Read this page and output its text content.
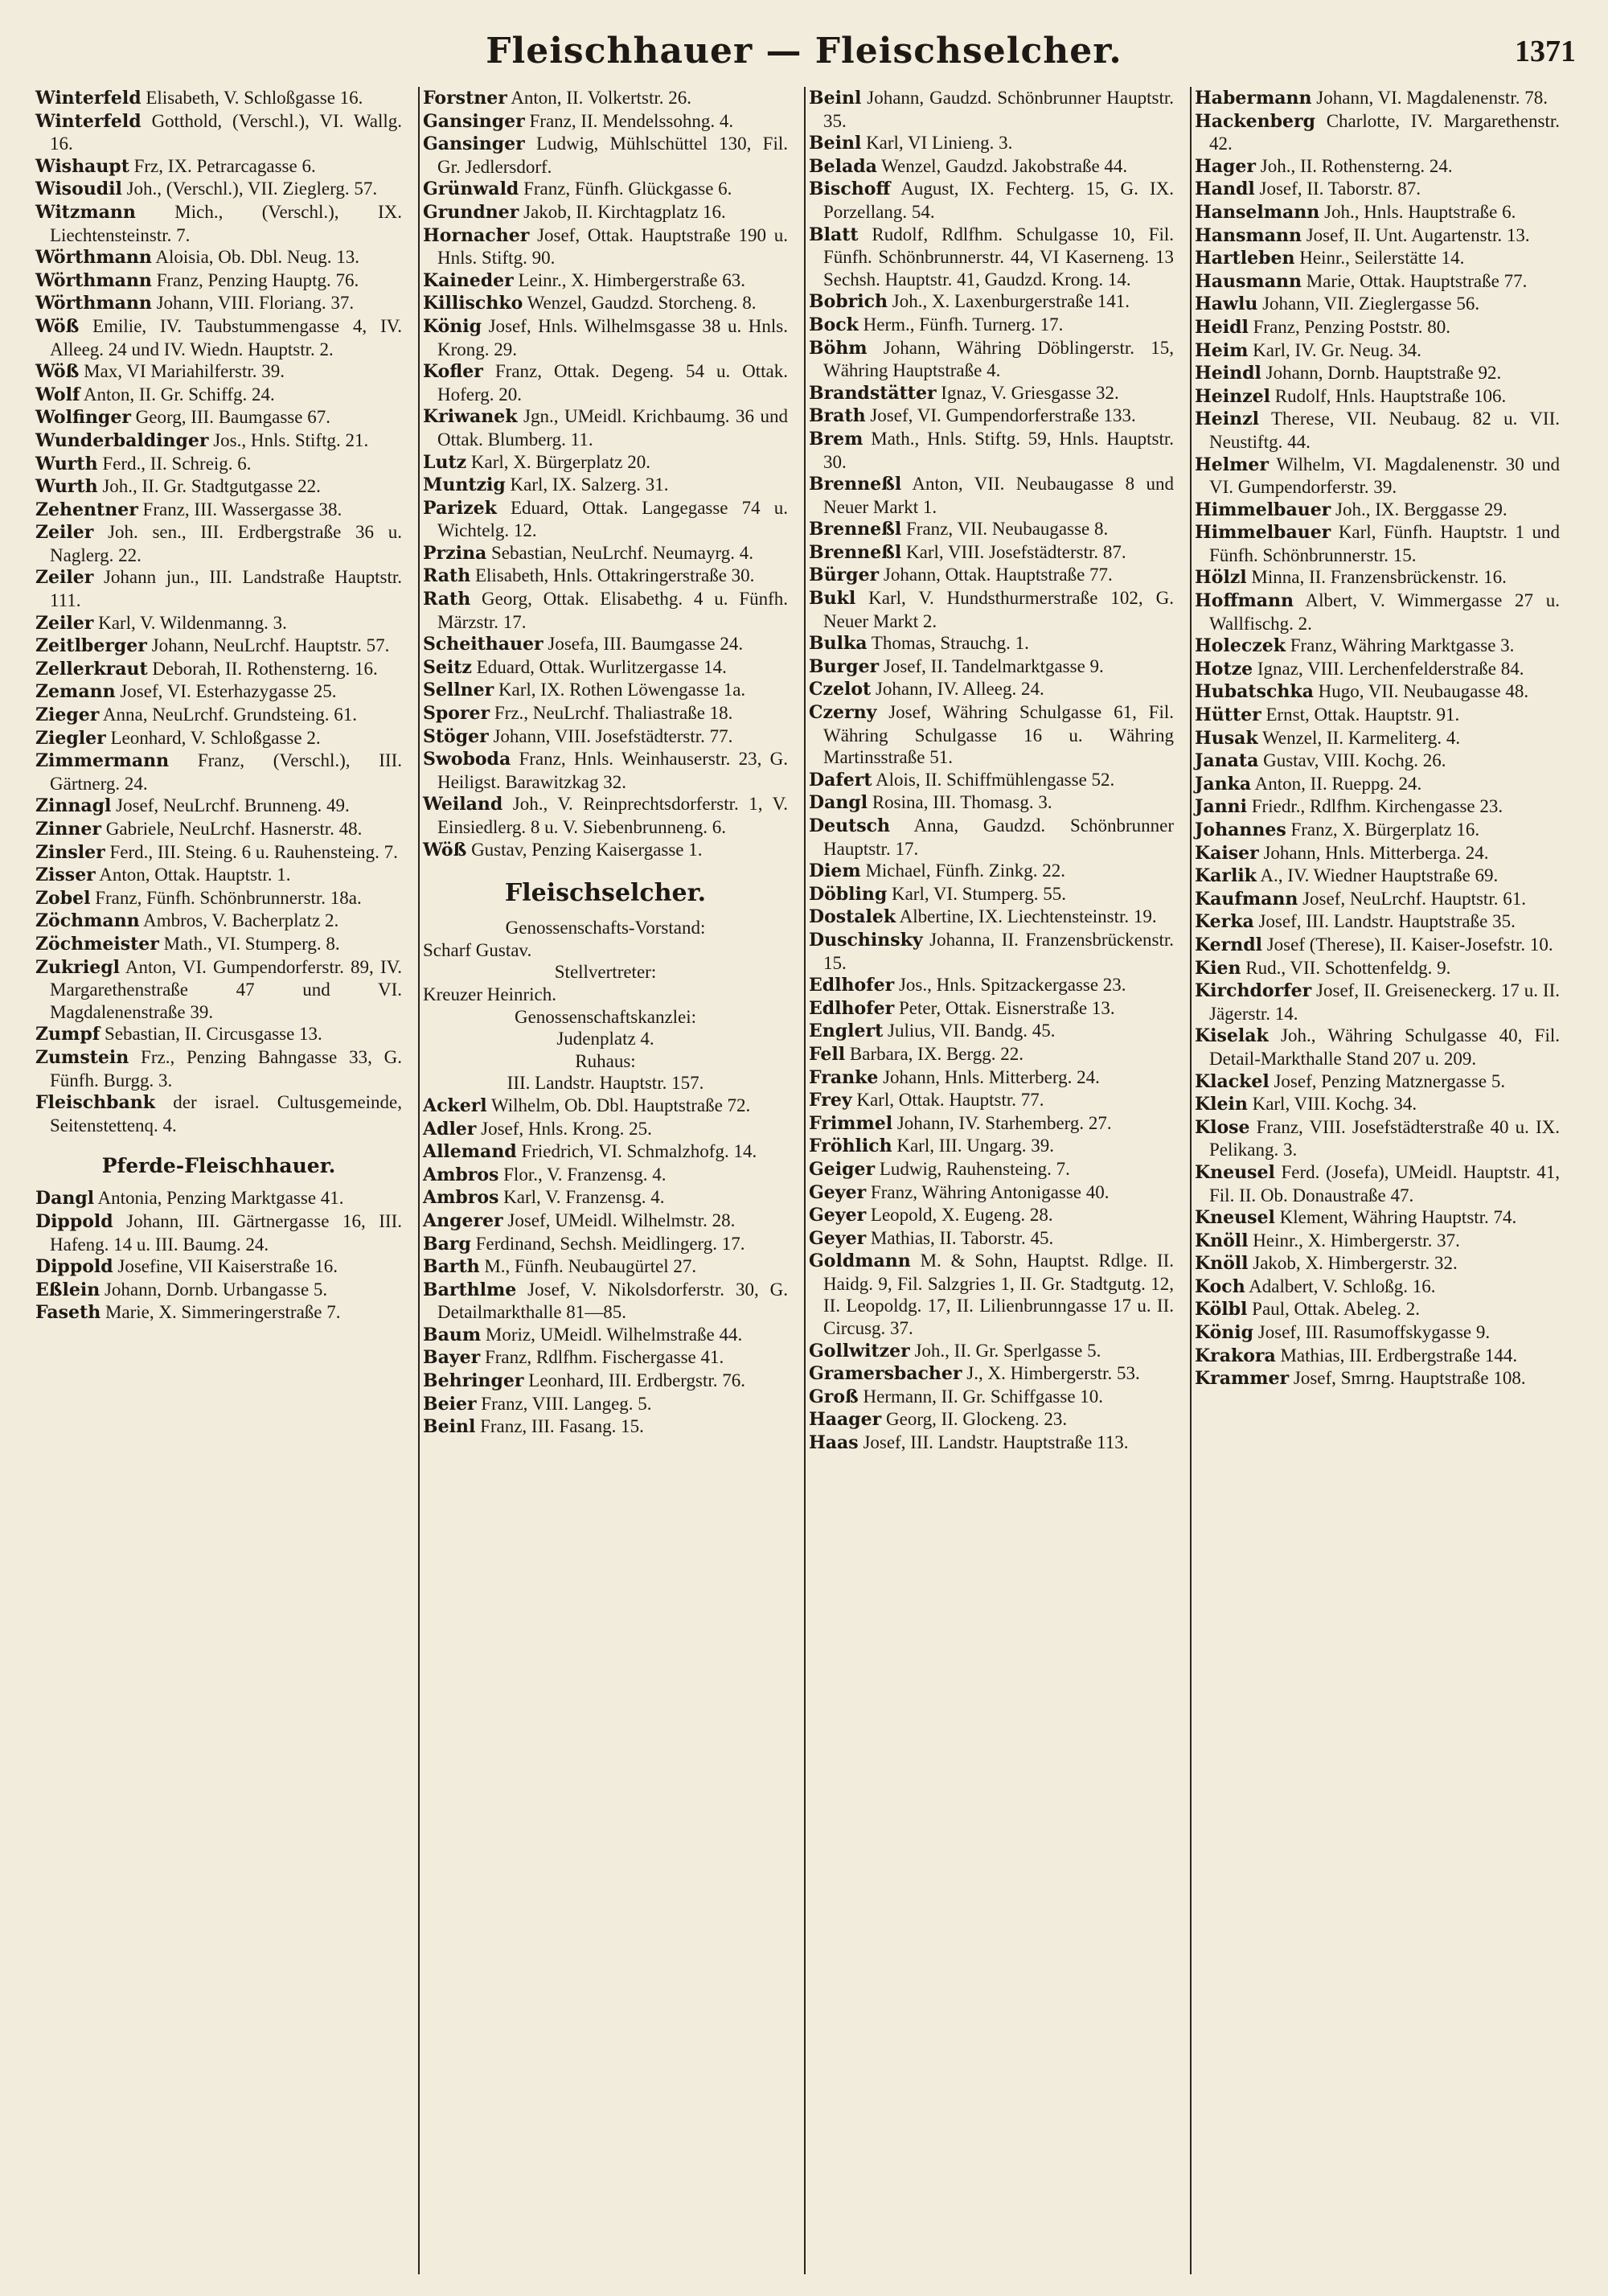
Fleischhauer — Fleischselcher.	1371
Winterfeld Elisabeth, V. Schloßgasse 16.
Winterfeld Gotthold, (Verschl.), VI. Wallg. 16.
Wishaupt Frz, IX. Petrarcagasse 6.
Wisoudil Joh., (Verschl.), VII. Zieglerg. 57.
Witzmann Mich., (Verschl.), IX. Liechtensteinstr. 7.
Wörthmann Aloisia, Ob. Dbl. Neug. 13.
Wörthmann Franz, Penzing Hauptg. 76.
Wörthmann Johann, VIII. Floriang. 37.
Wöß Emilie, IV. Taubstummengasse 4, IV. Alleeg. 24 und IV. Wiedn. Hauptstr. 2.
Wöß Max, VI Mariahilferstr. 39.
Wolf Anton, II. Gr. Schiffg. 24.
Wolfinger Georg, III. Baumgasse 67.
Wunderbaldinger Jos., Hnls. Stiftg. 21.
Wurth Ferd., II. Schreig. 6.
Wurth Joh., II. Gr. Stadtgutgasse 22.
Zehentner Franz, III. Wassergasse 38.
Zeiler Joh. sen., III. Erdbergstraße 36 u. Naglerg. 22.
Zeiler Johann jun., III. Landstraße Hauptstr. 111.
Zeiler Karl, V. Wildenmanng. 3.
Zeitlberger Johann, NeuLrchf. Hauptstr. 57.
Zellerkraut Deborah, II. Rothensterng. 16.
Zemann Josef, VI. Esterhazygasse 25.
Zieger Anna, NeuLrchf. Grundsteing. 61.
Ziegler Leonhard, V. Schloßgasse 2.
Zimmermann Franz, (Verschl.), III. Gärtnerg. 24.
Zinnagl Josef, NeuLrchf. Brunneng. 49.
Zinner Gabriele, NeuLrchf. Hasnerstr. 48.
Zinsler Ferd., III. Steing. 6 u. Rauhensteing. 7.
Zisser Anton, Ottak. Hauptstr. 1.
Zobel Franz, Fünfh. Schönbrunnerstr. 18a.
Zöchmann Ambros, V. Bacherplatz 2.
Zöchmeister Math., VI. Stumperg. 8.
Zukriegl Anton, VI. Gumpendorferstr. 89, IV. Margarethenstraße 47 und VI. Magdalenenstraße 39.
Zumpf Sebastian, II. Circusgasse 13.
Zumstein Frz., Penzing Bahngasse 33, G. Fünfh. Burgg. 3.
Fleischbank der israel. Cultusgemeinde, Seitenstettenq. 4.
Pferde-Fleischhauer.
Dangl Antonia, Penzing Marktgasse 41.
Dippold Johann, III. Gärtnergasse 16, III. Hafeng. 14 u. III. Baumg. 24.
Dippold Josefine, VII Kaiserstraße 16.
Eßlein Johann, Dornb. Urbangasse 5.
Faseth Marie, X. Simmeringerstraße 7.
Forstner Anton, II. Volkertstr. 26.
Gansinger Franz, II. Mendelssohng. 4.
Gansinger Ludwig, Mühlschüttel 130, Fil. Gr. Jedlersdorf.
Grünwald Franz, Fünfh. Glückgasse 6.
Grundner Jakob, II. Kirchtagplatz 16.
Hornacher Josef, Ottak. Hauptstraße 190 u. Hnls. Stiftg. 90.
Kaineder Leinr., X. Himbergerstraße 63.
Killischko Wenzel, Gaudzd. Storcheng. 8.
König Josef, Hnls. Wilhelmsgasse 38 u. Hnls. Krong. 29.
Kofler Franz, Ottak. Degeng. 54 u. Ottak. Hoferg. 20.
Kriwanek Jgn., UMeidl. Krichbaumg. 36 und Ottak. Blumberg. 11.
Lutz Karl, X. Bürgerplatz 20.
Muntzig Karl, IX. Salzerg. 31.
Parizek Eduard, Ottak. Langegasse 74 u. Wichtelg. 12.
Przina Sebastian, NeuLrchf. Neumayrg. 4.
Rath Elisabeth, Hnls. Ottakringerstraße 30.
Rath Georg, Ottak. Elisabethg. 4 u. Fünfh. Märzstr. 17.
Scheithauer Josefa, III. Baumgasse 24.
Seitz Eduard, Ottak. Wurlitzergasse 14.
Sellner Karl, IX. Rothen Löwengasse 1a.
Sporer Frz., NeuLrchf. Thaliastraße 18.
Stöger Johann, VIII. Josefstädterstr. 77.
Swoboda Franz, Hnls. Weinhauserstr. 23, G. Heiligst. Barawitzkag 32.
Weiland Joh., V. Reinprechtsdorferstr. 1, V. Einsiedlerg. 8 u. V. Siebenbrunneng. 6.
Wöß Gustav, Penzing Kaisergasse 1.
Fleischselcher.
Genossenschafts-Vorstand:
Scharf Gustav.
Stellvertreter:
Kreuzer Heinrich.
Genossenschaftskanzlei:
Judenplatz 4.
Ruhaus:
III. Landstr. Hauptstr. 157.
Ackerl Wilhelm, Ob. Dbl. Hauptstraße 72.
Adler Josef, Hnls. Krong. 25.
Allemand Friedrich, VI. Schmalzhofg. 14.
Ambros Flor., V. Franzensg. 4.
Ambros Karl, V. Franzensg. 4.
Angerer Josef, UMeidl. Wilhelmstr. 28.
Barg Ferdinand, Sechsh. Meidlingerg. 17.
Barth M., Fünfh. Neubaugürtel 27.
Barthlme Josef, V. Nikolsdorferstr. 30, G. Detailmarkthalle 81—85.
Baum Moriz, UMeidl. Wilhelmstraße 44.
Bayer Franz, Rdlfhm. Fischergasse 41.
Behringer Leonhard, III. Erdbergstr. 76.
Beier Franz, VIII. Langeg. 5.
Beinl Franz, III. Fasang. 15.
Beinl Johann, Gaudzd. Schönbrunner Hauptstr. 35.
Beinl Karl, VI Linieng. 3.
Belada Wenzel, Gaudzd. Jakobstraße 44.
Bischoff August, IX. Fechterg. 15, G. IX. Porzellang. 54.
Blatt Rudolf, Rdlfhm. Schulgasse 10, Fil. Fünfh. Schönbrunnerstr. 44, VI Kaserneng. 13 Sechsh. Hauptstr. 41, Gaudzd. Krong. 14.
Bobrich Joh., X. Laxenburgerstraße 141.
Bock Herm., Fünfh. Turnerg. 17.
Böhm Johann, Währing Döblingerstr. 15, Währing Hauptstraße 4.
Brandstätter Ignaz, V. Griesgasse 32.
Brath Josef, VI. Gumpendorferstraße 133.
Brem Math., Hnls. Stiftg. 59, Hnls. Hauptstr. 30.
Brenneßl Anton, VII. Neubaugasse 8 und Neuer Markt 1.
Brenneßl Franz, VII. Neubaugasse 8.
Brenneßl Karl, VIII. Josefstädterstr. 87.
Bürger Johann, Ottak. Hauptstraße 77.
Bukl Karl, V. Hundsthurmerstraße 102, G. Neuer Markt 2.
Bulka Thomas, Strauchg. 1.
Burger Josef, II. Tandelmarktgasse 9.
Czelot Johann, IV. Alleeg. 24.
Czerny Josef, Währing Schulgasse 61, Fil. Währing Schulgasse 16 u. Währing Martinsstraße 51.
Dafert Alois, II. Schiffmühlengasse 52.
Dangl Rosina, III. Thomasg. 3.
Deutsch Anna, Gaudzd. Schönbrunner Hauptstr. 17.
Diem Michael, Fünfh. Zinkg. 22.
Döbling Karl, VI. Stumperg. 55.
Dostalek Albertine, IX. Liechtensteinstr. 19.
Duschinsky Johanna, II. Franzensbrückenstr. 15.
Edlhofer Jos., Hnls. Spitzackergasse 23.
Edlhofer Peter, Ottak. Eisnerstraße 13.
Englert Julius, VII. Bandg. 45.
Fell Barbara, IX. Bergg. 22.
Franke Johann, Hnls. Mitterberg. 24.
Frey Karl, Ottak. Hauptstr. 77.
Frimmel Johann, IV. Starhemberg. 27.
Fröhlich Karl, III. Ungarg. 39.
Geiger Ludwig, Rauhensteing. 7.
Geyer Franz, Währing Antonigasse 40.
Geyer Leopold, X. Eugeng. 28.
Geyer Mathias, II. Taborstr. 45.
Goldmann M. & Sohn, Hauptst. Rdlge. II. Haidg. 9, Fil. Salzgries 1, II. Gr. Stadtgutg. 12, II. Leopoldg. 17, II. Lilienbrunngasse 17 u. II. Circusg. 37.
Gollwitzer Joh., II. Gr. Sperlgasse 5.
Gramersbacher J., X. Himbergerstr. 53.
Groß Hermann, II. Gr. Schiffgasse 10.
Haager Georg, II. Glockeng. 23.
Haas Josef, III. Landstr. Hauptstraße 113.
Habermann Johann, VI. Magdalenenstr. 78.
Hackenberg Charlotte, IV. Margarethenstr. 42.
Hager Joh., II. Rothensterng. 24.
Handl Josef, II. Taborstr. 87.
Hanselmann Joh., Hnls. Hauptstraße 6.
Hansmann Josef, II. Unt. Augartenstr. 13.
Hartleben Heinr., Seilerstätte 14.
Hausmann Marie, Ottak. Hauptstraße 77.
Hawlu Johann, VII. Zieglergasse 56.
Heidl Franz, Penzing Poststr. 80.
Heim Karl, IV. Gr. Neug. 34.
Heindl Johann, Dornb. Hauptstraße 92.
Heinzel Rudolf, Hnls. Hauptstraße 106.
Heinzl Therese, VII. Neubaug. 82 u. VII. Neustiftg. 44.
Helmer Wilhelm, VI. Magdalenenstr. 30 und VI. Gumpendorferstr. 39.
Himmelbauer Joh., IX. Berggasse 29.
Himmelbauer Karl, Fünfh. Hauptstr. 1 und Fünfh. Schönbrunnerstr. 15.
Hölzl Minna, II. Franzensbrückenstr. 16.
Hoffmann Albert, V. Wimmergasse 27 u. Wallfischg. 2.
Holeczek Franz, Währing Marktgasse 3.
Hotze Ignaz, VIII. Lerchenfelderstraße 84.
Hubatschka Hugo, VII. Neubaugasse 48.
Hütter Ernst, Ottak. Hauptstr. 91.
Husak Wenzel, II. Karmeliterg. 4.
Janata Gustav, VIII. Kochg. 26.
Janka Anton, II. Rueppg. 24.
Janni Friedr., Rdlfhm. Kirchengasse 23.
Johannes Franz, X. Bürgerplatz 16.
Kaiser Johann, Hnls. Mitterberga. 24.
Karlik A., IV. Wiedner Hauptstraße 69.
Kaufmann Josef, NeuLrchf. Hauptstr. 61.
Kerka Josef, III. Landstr. Hauptstraße 35.
Kerndl Josef (Therese), II. Kaiser-Josefstr. 10.
Kien Rud., VII. Schottenfeldg. 9.
Kirchdorfer Josef, II. Greiseneckerg. 17 u. II. Jägerstr. 14.
Kiselak Joh., Währing Schulgasse 40, Fil. Detail-Markthalle Stand 207 u. 209.
Klackel Josef, Penzing Matznergasse 5.
Klein Karl, VIII. Kochg. 34.
Klose Franz, VIII. Josefstädterstraße 40 u. IX. Pelikang. 3.
Kneusel Ferd. (Josefa), UMeidl. Hauptstr. 41, Fil. II. Ob. Donaustraße 47.
Kneusel Klement, Währing Hauptstr. 74.
Knöll Heinr., X. Himbergerstr. 37.
Knöll Jakob, X. Himbergerstr. 32.
Koch Adalbert, V. Schloßg. 16.
Kölbl Paul, Ottak. Abeleg. 2.
König Josef, III. Rasumoffskygasse 9.
Krakora Mathias, III. Erdbergstraße 144.
Krammer Josef, Smrng. Hauptstraße 108.
